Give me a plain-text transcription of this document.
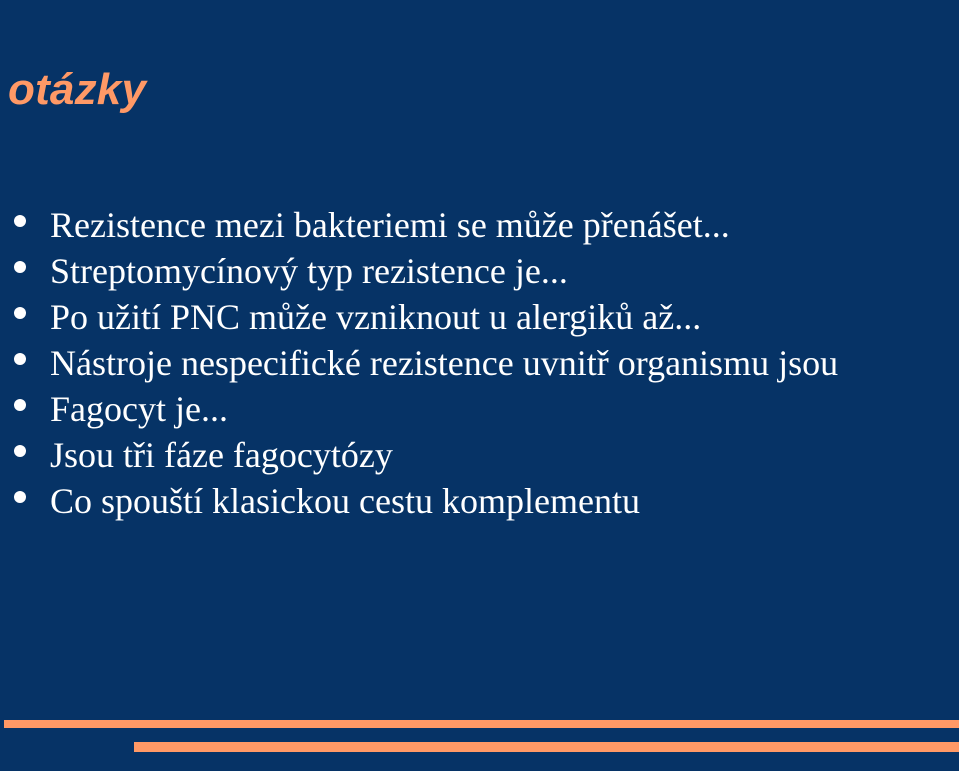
otázky
Rezistence mezi bakteriemi se může přenášet...
Streptomycínový typ rezistence je...
Po užití PNC může vzniknout u alergiků až...
Nástroje nespecifické rezistence uvnitř organismu jsou
Fagocyt je...
Jsou tři fáze fagocytózy
Co spouští klasickou cestu komplementu
